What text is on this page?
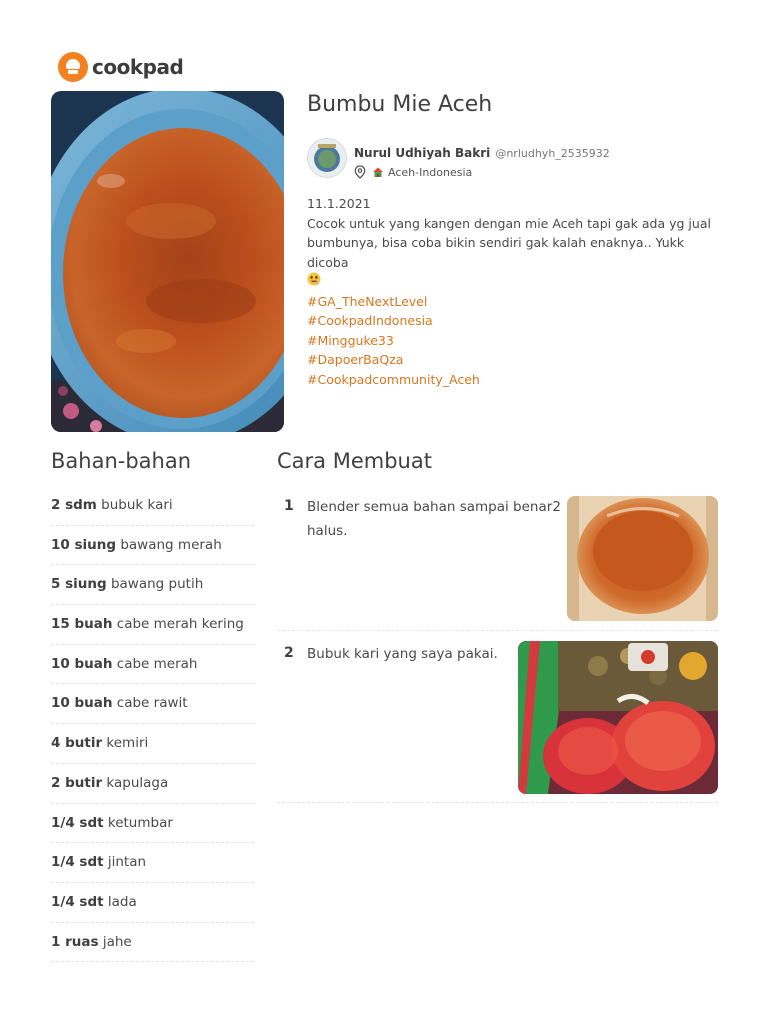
cookpad
Bumbu Mie Aceh
Nurul Udhiyah Bakri @nrludhyh_2535932
Aceh-Indonesia

11.1.2021

Cocok untuk yang kangen dengan mie Aceh tapi gak ada yg jual bumbunya, bisa coba bikin sendiri gak kalah enaknya.. Yukk dicoba

#GA_TheNextLevel
#CookpadIndonesia
#Mingguke33
#DapoerBaQza
#Cookpadcommunity_Aceh
Bahan-bahan
2 sdm bubuk kari
10 siung bawang merah
5 siung bawang putih
15 buah cabe merah kering
10 buah cabe merah
10 buah cabe rawit
4 butir kemiri
2 butir kapulaga
1/4 sdt ketumbar
1/4 sdt jintan
1/4 sdt lada
1 ruas jahe
Cara Membuat
1 Blender semua bahan sampai benar2 halus.
2 Bubuk kari yang saya pakai.
